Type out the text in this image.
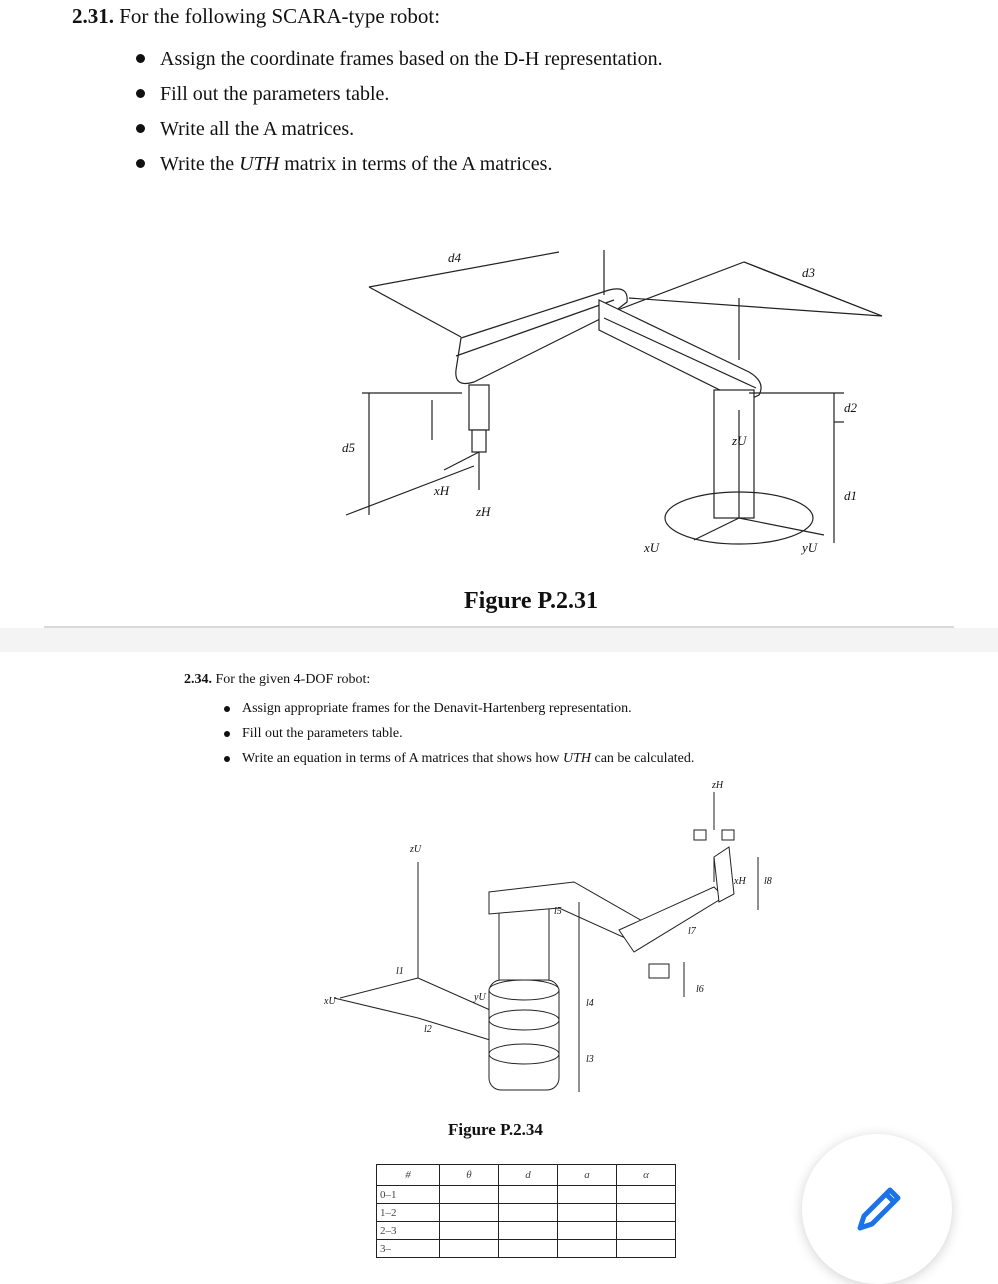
2.31. For the following SCARA-type robot:
Assign the coordinate frames based on the D-H representation.
Fill out the parameters table.
Write all the A matrices.
Write the UTH matrix in terms of the A matrices.
d4
d3
d2
d1
d5
zH
xH
zU
xU	yU
Figure P.2.31
2.34. For the given 4-DOF robot:
Assign appropriate frames for the Denavit-Hartenberg representation.
Fill out the parameters table.
Write an equation in terms of A matrices that shows how UTH can be calculated.
zH
zU
xU	yU
xH
l1
l2
l3
l4
l5
l6
l7
l8
Figure P.2.34
#	θ	d	a	α
0–1				
1–2				
2–3				
3–				
